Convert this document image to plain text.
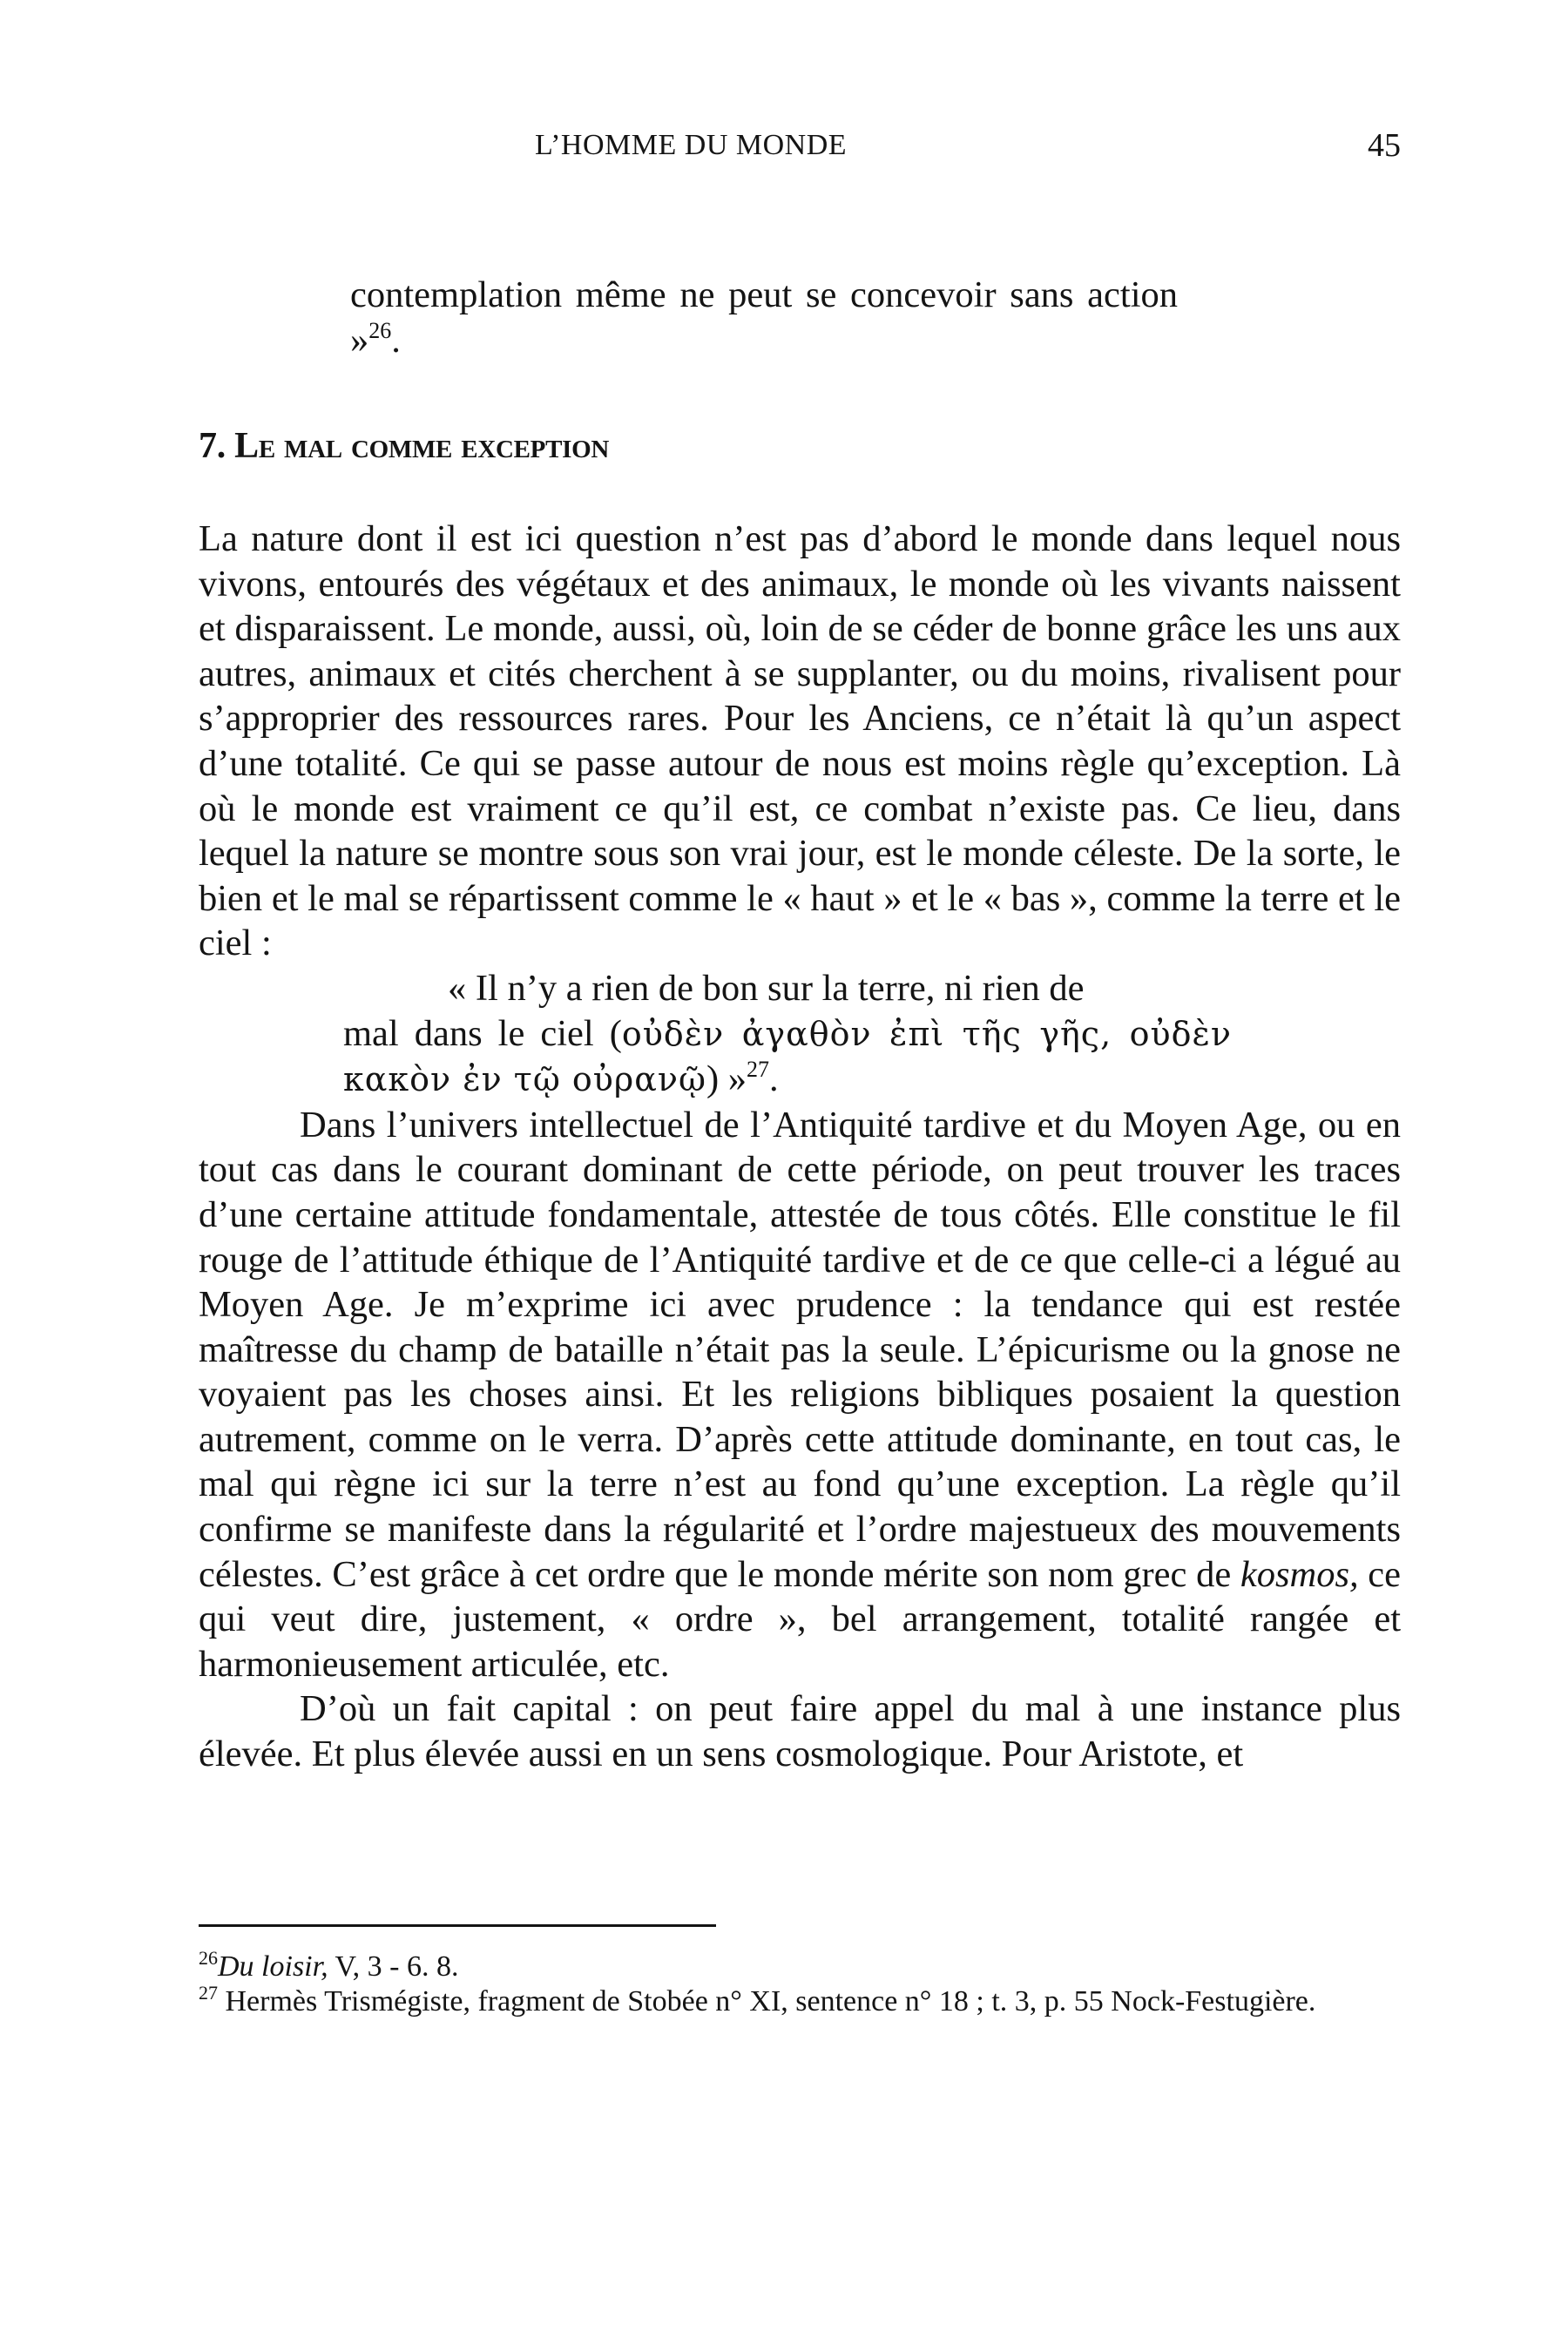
L’HOMME DU MONDE	45
contemplation même ne peut se concevoir sans action »$^{26}$.
7. Le mal comme exception

La nature dont il est ici question n’est pas d’abord le monde dans lequel nous vivons, entourés des végétaux et des animaux, le monde où les vivants naissent et disparaissent. Le monde, aussi, où, loin de se céder de bonne grâce les uns aux autres, animaux et cités cherchent à se supplanter, ou du moins, rivalisent pour s’approprier des ressources rares. Pour les Anciens, ce n’était là qu’un aspect d’une totalité. Ce qui se passe autour de nous est moins règle qu’exception. Là où le monde est vraiment ce qu’il est, ce combat n’existe pas. Ce lieu, dans lequel la nature se montre sous son vrai jour, est le monde céleste. De la sorte, le bien et le mal se répartissent comme le « haut » et le « bas », comme la terre et le ciel :

« Il n’y a rien de bon sur la terre, ni rien de
mal dans le ciel (οὐδὲν ἀγαθὸν ἐπὶ τῆς γῆς, οὐδὲν κακὸν ἐν τῷ οὐρανῷ) »$^{27}$.

Dans l’univers intellectuel de l’Antiquité tardive et du Moyen Age, ou en tout cas dans le courant dominant de cette période, on peut trouver les traces d’une certaine attitude fondamentale, attestée de tous côtés. Elle constitue le fil rouge de l’attitude éthique de l’Antiquité tardive et de ce que celle-ci a légué au Moyen Age. Je m’exprime ici avec prudence : la tendance qui est restée maîtresse du champ de bataille n’était pas la seule. L’épicurisme ou la gnose ne voyaient pas les choses ainsi. Et les religions bibliques posaient la question autrement, comme on le verra. D’après cette attitude dominante, en tout cas, le mal qui règne ici sur la terre n’est au fond qu’une exception. La règle qu’il confirme se manifeste dans la régularité et l’ordre majestueux des mouvements célestes. C’est grâce à cet ordre que le monde mérite son nom grec de kosmos, ce qui veut dire, justement, « ordre », bel arrangement, totalité rangée et harmonieusement articulée, etc.

D’où un fait capital : on peut faire appel du mal à une instance plus élevée. Et plus élevée aussi en un sens cosmologique. Pour Aristote, et

$^{26}$Du loisir, V, 3 - 6. 8.

$^{27}$ Hermès Trismégiste, fragment de Stobée n° XI, sentence n° 18 ; t. 3, p. 55 Nock-Festugière.
